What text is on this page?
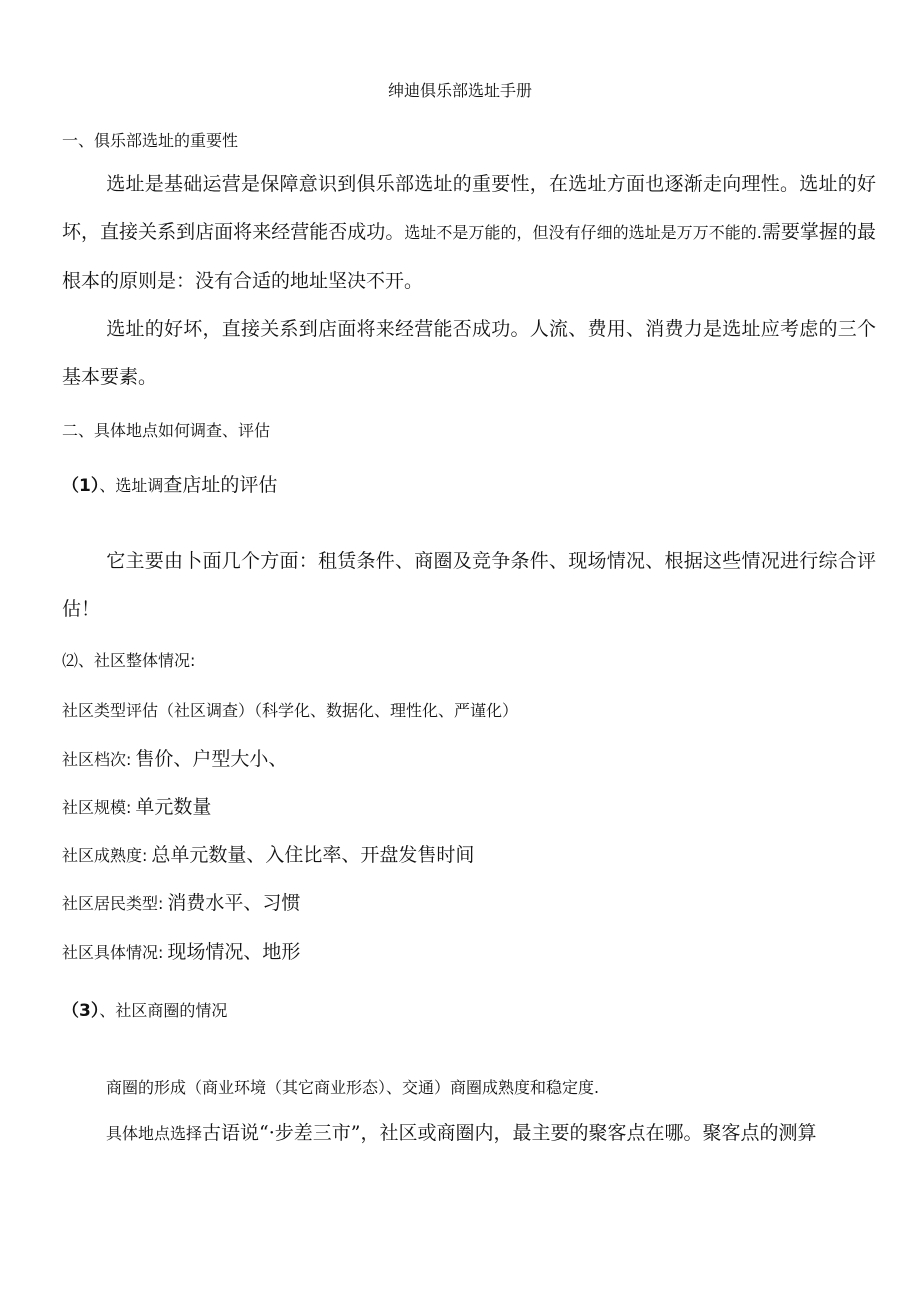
绅迪俱乐部选址手册
一、俱乐部选址的重要性
选址是基础运营是保障意识到俱乐部选址的重要性，在选址方面也逐渐走向理性。选址的好坏，直接关系到店面将来经营能否成功。选址不是万能的，但没有仔细的选址是万万不能的.需要掌握的最根本的原则是：没有合适的地址坚决不开。
选址的好坏，直接关系到店面将来经营能否成功。人流、费用、消费力是选址应考虑的三个基本要素。
二、具体地点如何调查、评估
（1）、选址调查店址的评估
它主要由卜面几个方面：租赁条件、商圈及竞争条件、现场情况、根据这些情况进行综合评估！
⑵、社区整体情况:
社区类型评估（社区调查）（科学化、数据化、理性化、严谨化）
社区档次: 售价、户型大小、
社区规模: 单元数量
社区成熟度: 总单元数量、入住比率、开盘发售时间
社区居民类型: 消费水平、习惯
社区具体情况: 现场情况、地形
（3）、社区商圈的情况
商圈的形成（商业环境（其它商业形态）、交通）商圈成熟度和稳定度.
具体地点选择古语说“·步差三市”，社区或商圈内，最主要的聚客点在哪。聚客点的测算
